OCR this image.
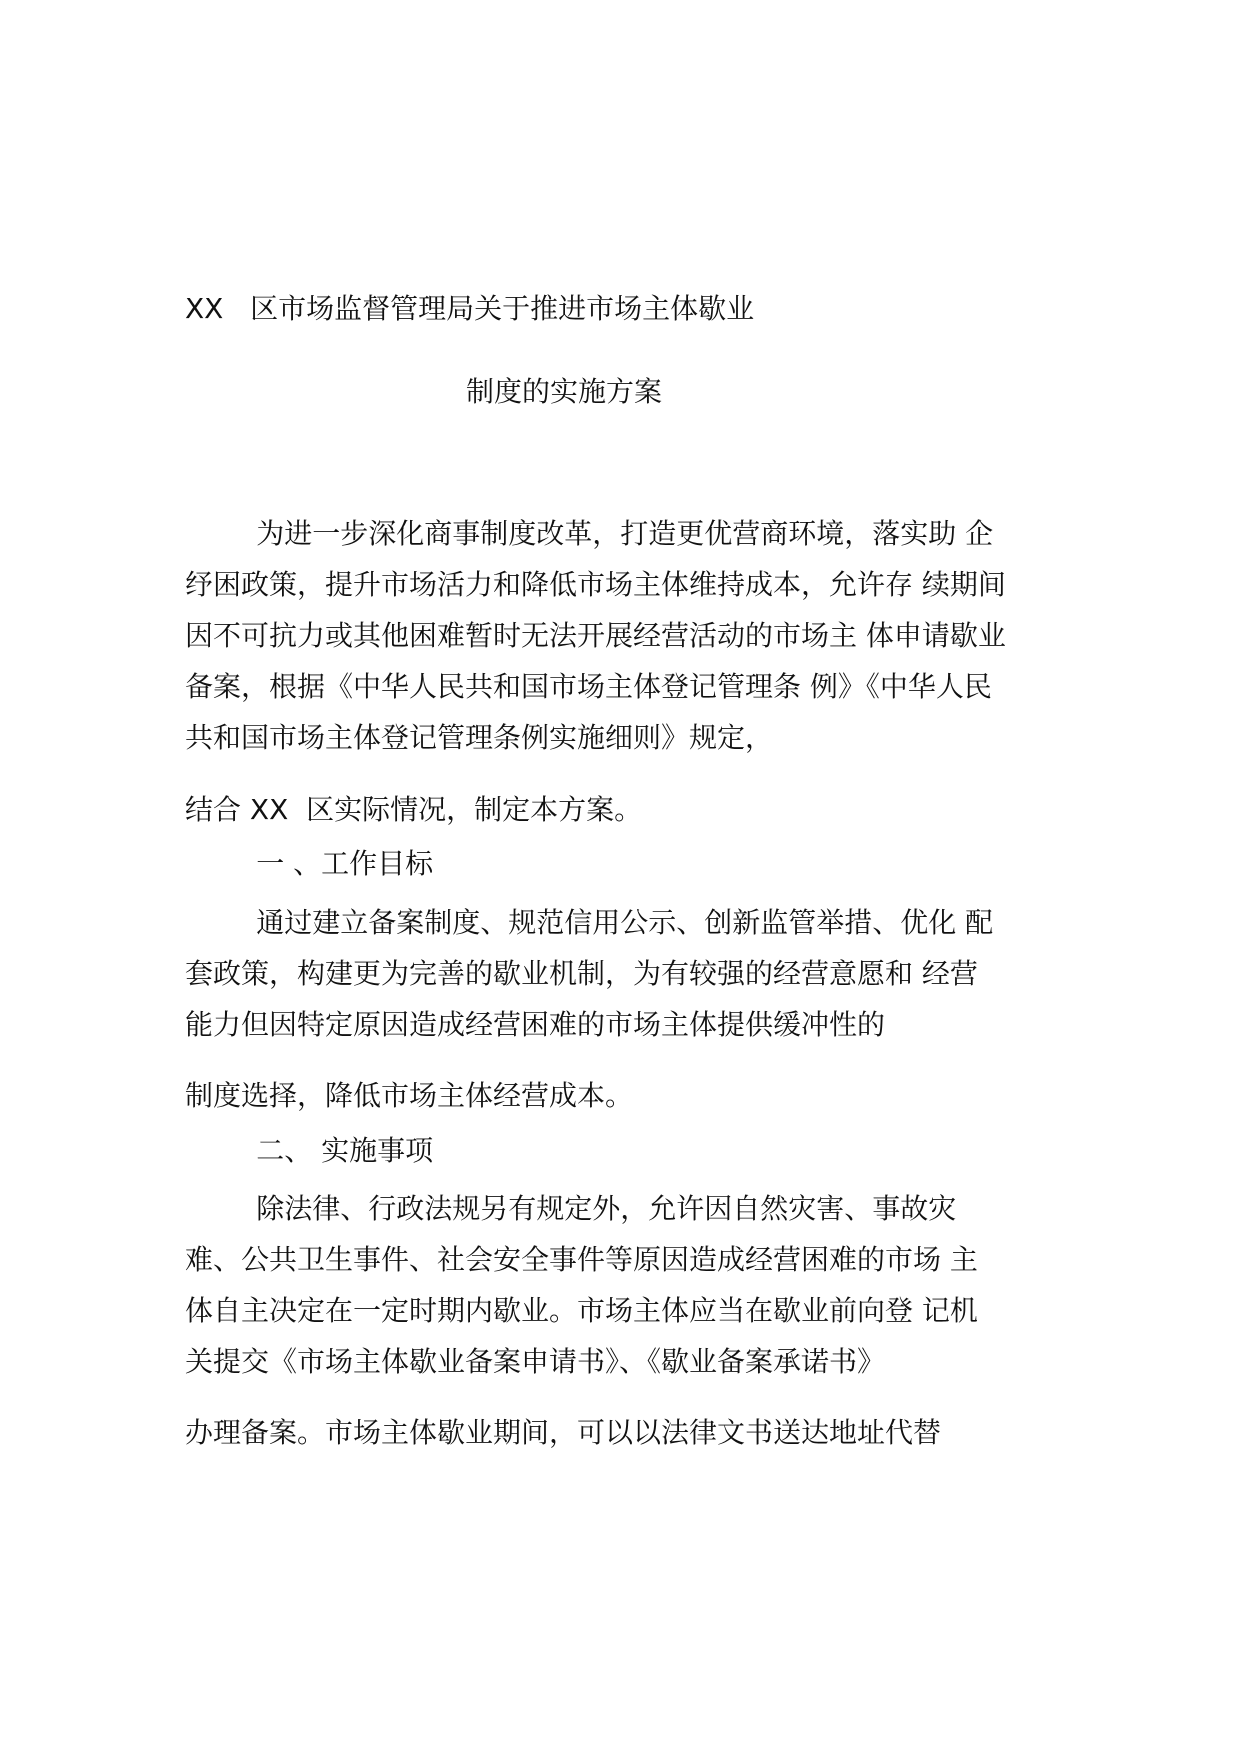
XX   区市场监督管理局关于推进市场主体歇业
制度的实施方案
为进一步深化商事制度改革，打造更优营商环境，落实助 企
纾困政策，提升市场活力和降低市场主体维持成本，允许存 续期间
因不可抗力或其他困难暂时无法开展经营活动的市场主 体申请歇业
备案，根据《中华人民共和国市场主体登记管理条 例》《中华人民
共和国市场主体登记管理条例实施细则》规定，
结合 XX  区实际情况，制定本方案。
一 、工作目标
通过建立备案制度、规范信用公示、创新监管举措、优化 配
套政策，构建更为完善的歇业机制，为有较强的经营意愿和 经营
能力但因特定原因造成经营困难的市场主体提供缓冲性的
制度选择，降低市场主体经营成本。
二、 实施事项
除法律、行政法规另有规定外，允许因自然灾害、事故灾
难、公共卫生事件、社会安全事件等原因造成经营困难的市场 主
体自主决定在一定时期内歇业。市场主体应当在歇业前向登 记机
关提交《市场主体歇业备案申请书》、《歇业备案承诺书》
办理备案。市场主体歇业期间，可以以法律文书送达地址代替
